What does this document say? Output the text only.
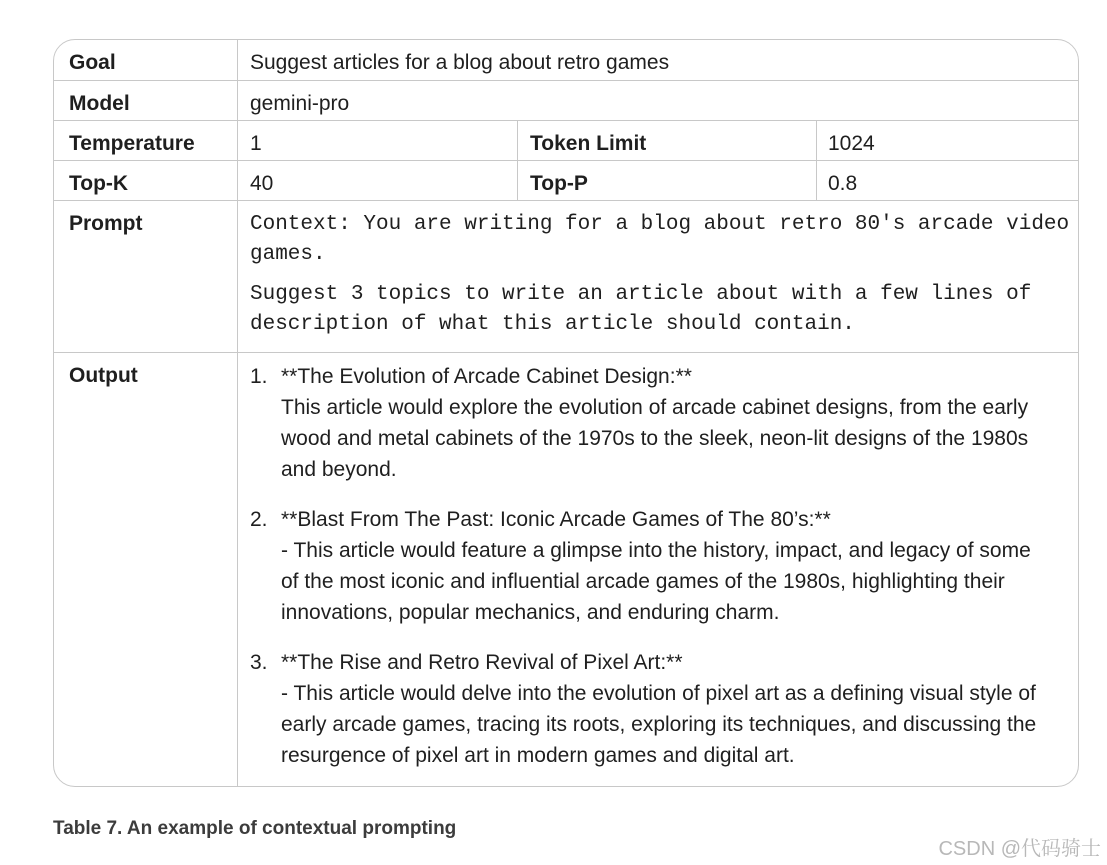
Goal	Suggest articles for a blog about retro games
Model	gemini-pro
Temperature	1	Token Limit	1024
Top-K	40	Top-P	0.8
Prompt	Context: You are writing for a blog about retro 80's arcade video games.

Suggest 3 topics to write an article about with a few lines of description of what this article should contain.

Output	1. **The Evolution of Arcade Cabinet Design:**
This article would explore the evolution of arcade cabinet designs, from the early wood and metal cabinets of the 1970s to the sleek, neon-lit designs of the 1980s and beyond.
2. **Blast From The Past: Iconic Arcade Games of The 80’s:**
- This article would feature a glimpse into the history, impact, and legacy of some of the most iconic and influential arcade games of the 1980s, highlighting their innovations, popular mechanics, and enduring charm.
3. **The Rise and Retro Revival of Pixel Art:**
- This article would delve into the evolution of pixel art as a defining visual style of early arcade games, tracing its roots, exploring its techniques, and discussing the resurgence of pixel art in modern games and digital art.
Table 7. An example of contextual prompting
CSDN @代码骑士
